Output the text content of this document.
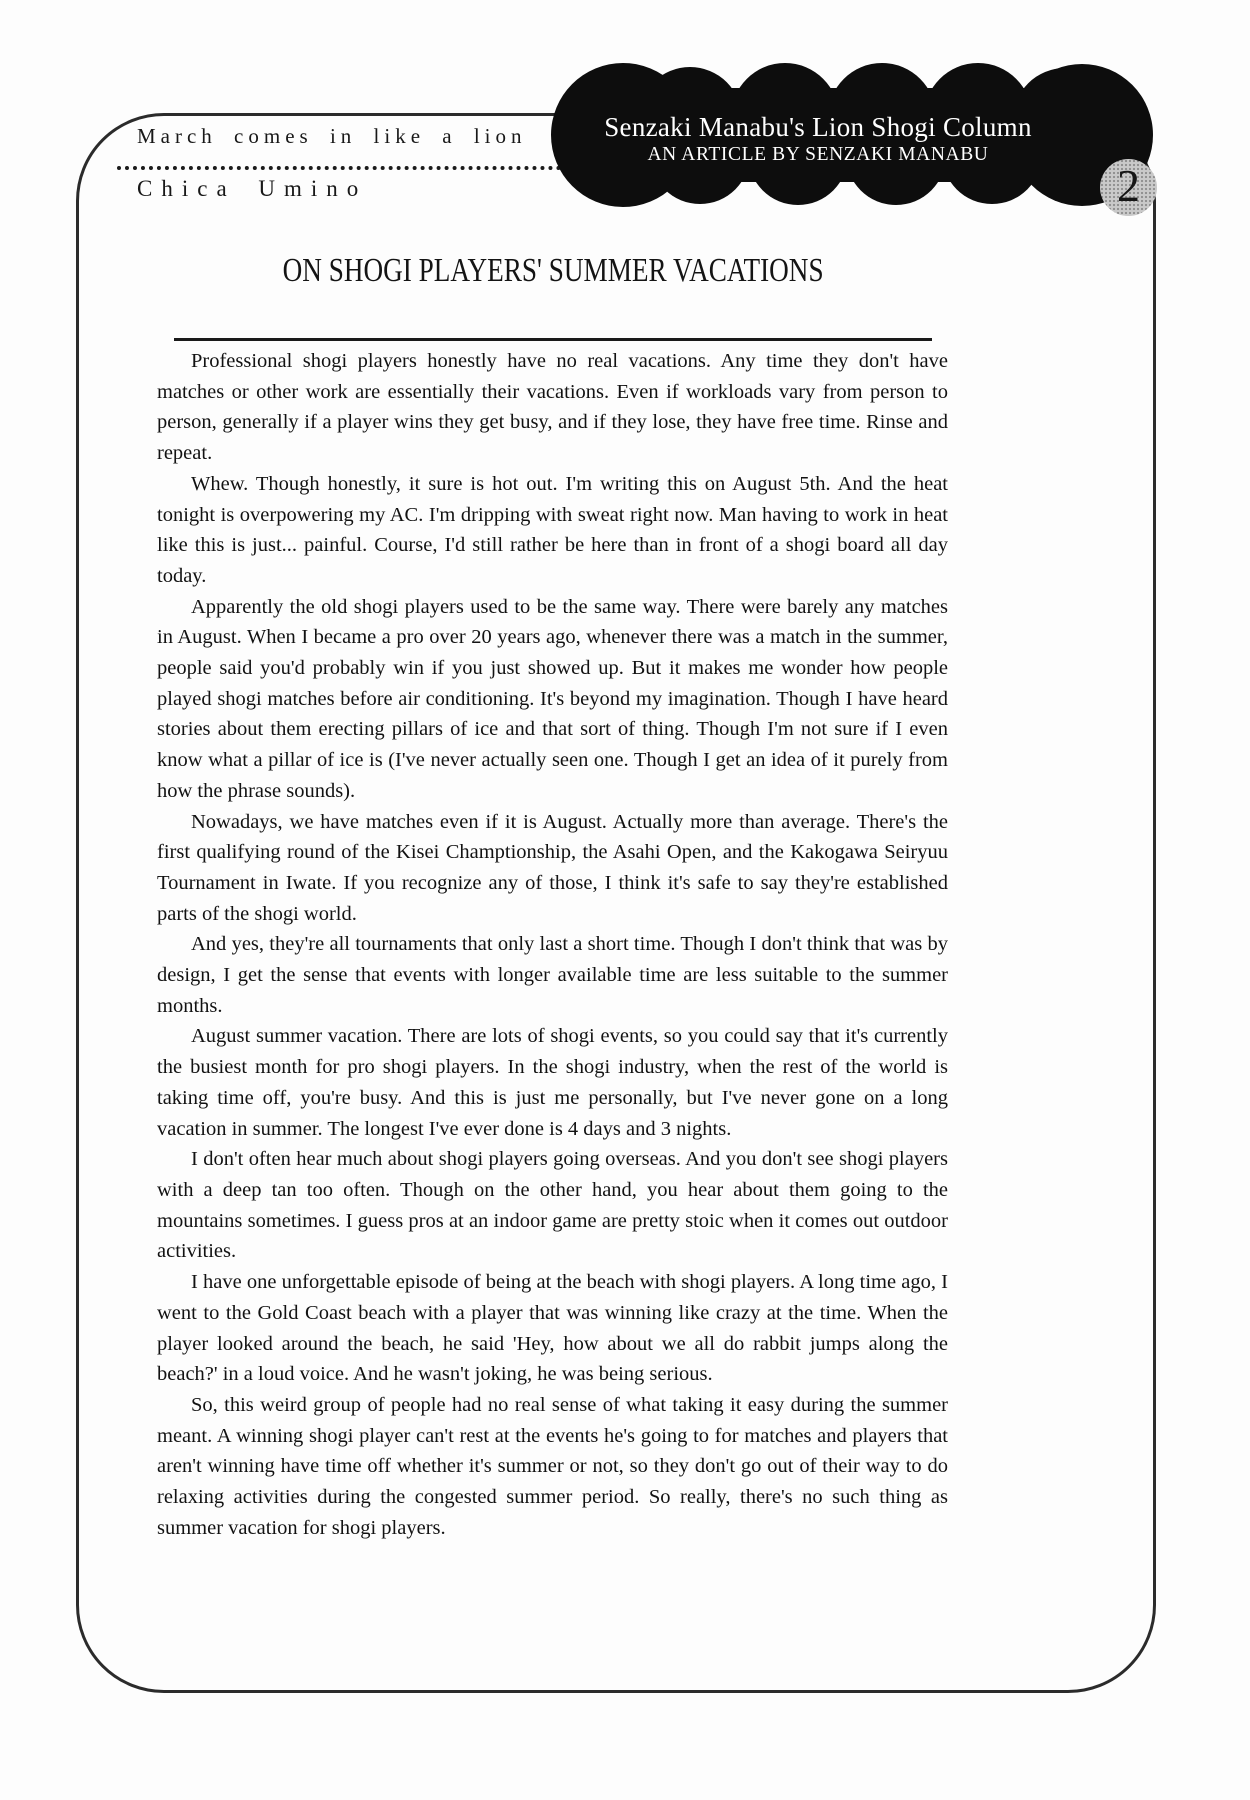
March comes in like a lion
Chica Umino
Senzaki Manabu's Lion Shogi Column
AN ARTICLE BY SENZAKI MANABU
2
ON SHOGI PLAYERS' SUMMER VACATIONS

Professional shogi players honestly have no real vacations. Any time they don't have matches or other work are essentially their vacations. Even if workloads vary from person to person, generally if a player wins they get busy, and if they lose, they have free time. Rinse and repeat.

Whew. Though honestly, it sure is hot out. I'm writing this on August 5th. And the heat tonight is overpowering my AC. I'm dripping with sweat right now. Man having to work in heat like this is just... painful. Course, I'd still rather be here than in front of a shogi board all day today.

Apparently the old shogi players used to be the same way. There were barely any matches in August. When I became a pro over 20 years ago, whenever there was a match in the summer, people said you'd probably win if you just showed up. But it makes me wonder how people played shogi matches before air conditioning. It's beyond my imagination. Though I have heard stories about them erecting pillars of ice and that sort of thing. Though I'm not sure if I even know what a pillar of ice is (I've never actually seen one. Though I get an idea of it purely from how the phrase sounds).

Nowadays, we have matches even if it is August. Actually more than average. There's the first qualifying round of the Kisei Champtionship, the Asahi Open, and the Kakogawa Seiryuu Tournament in Iwate. If you recognize any of those, I think it's safe to say they're established parts of the shogi world.

And yes, they're all tournaments that only last a short time. Though I don't think that was by design, I get the sense that events with longer available time are less suitable to the summer months.

August summer vacation. There are lots of shogi events, so you could say that it's currently the busiest month for pro shogi players. In the shogi industry, when the rest of the world is taking time off, you're busy. And this is just me personally, but I've never gone on a long vacation in summer. The longest I've ever done is 4 days and 3 nights.

I don't often hear much about shogi players going overseas. And you don't see shogi players with a deep tan too often. Though on the other hand, you hear about them going to the mountains sometimes. I guess pros at an indoor game are pretty stoic when it comes out outdoor activities.

I have one unforgettable episode of being at the beach with shogi players. A long time ago, I went to the Gold Coast beach with a player that was winning like crazy at the time. When the player looked around the beach, he said 'Hey, how about we all do rabbit jumps along the beach?' in a loud voice. And he wasn't joking, he was being serious.

So, this weird group of people had no real sense of what taking it easy during the summer meant. A winning shogi player can't rest at the events he's going to for matches and players that aren't winning have time off whether it's summer or not, so they don't go out of their way to do relaxing activities during the congested summer period. So really, there's no such thing as summer vacation for shogi players.
